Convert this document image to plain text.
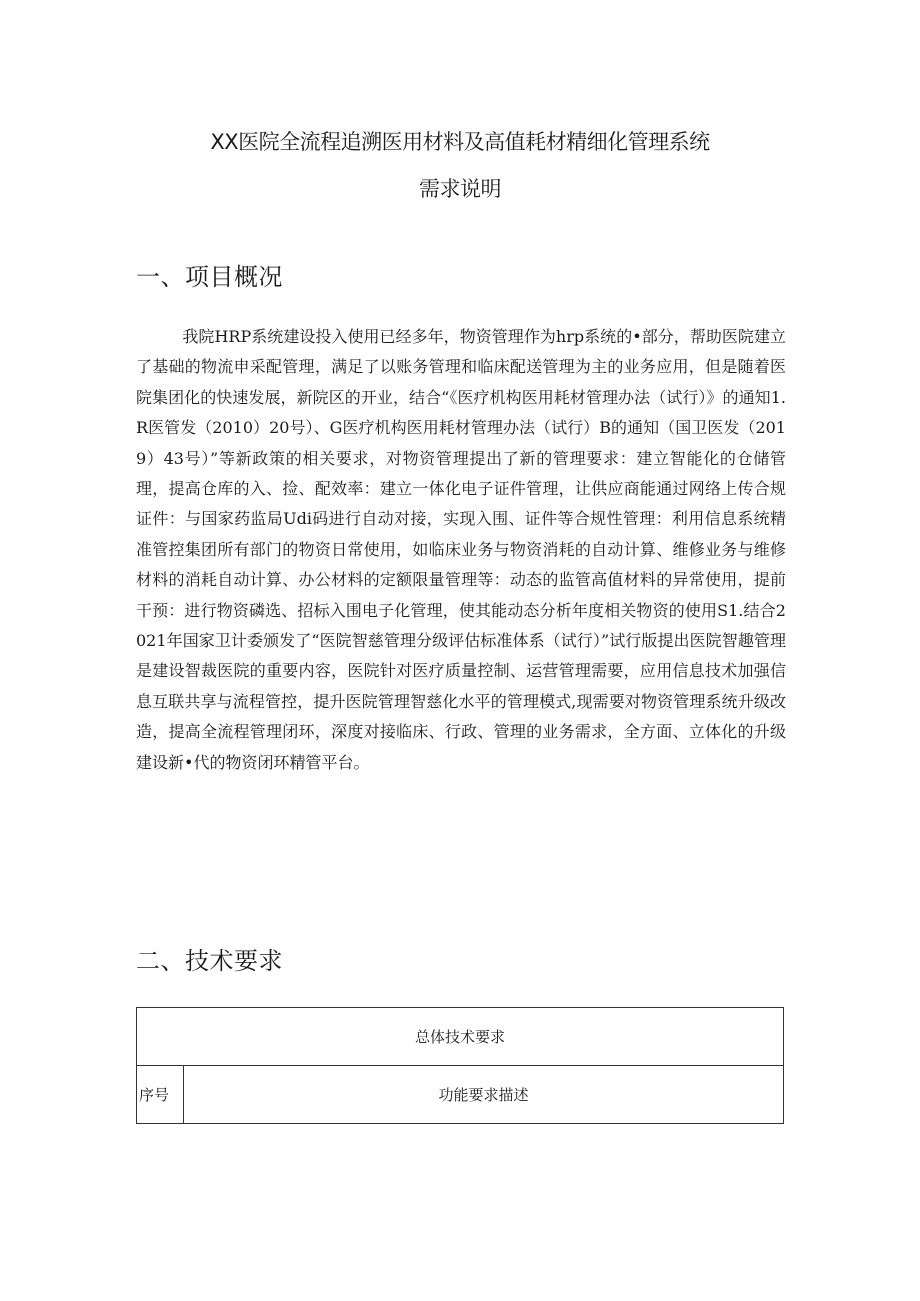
XX医院全流程追溯医用材料及高值耗材精细化管理系统
需求说明
一、项目概况

我院HRP系统建设投入使用已经多年，物资管理作为hrp系统的•部分，帮助医院建立了基础的物流申采配管理，满足了以账务管理和临床配送管理为主的业务应用，但是随着医院集团化的快速发展，新院区的开业，结合“《医疗机构医用耗材管理办法（试行）》的通知1.R医管发（2010）20号）、G医疗机构医用耗材管理办法（试行）B的通知（国卫医发（2019）43号）”等新政策的相关要求，对物资管理提出了新的管理要求：建立智能化的仓储管理，提高仓库的入、捡、配效率：建立一体化电子证件管理，让供应商能通过网络上传合规证件：与国家药监局Udi码进行自动对接，实现入围、证件等合规性管理：利用信息系统精准管控集团所有部门的物资日常使用，如临床业务与物资消耗的自动计算、维修业务与维修材料的消耗自动计算、办公材料的定额限量管理等：动态的监管高值材料的异常使用，提前干预：进行物资磷选、招标入围电子化管理，使其能动态分析年度相关物资的使用S1.结合2021年国家卫计委颁发了“医院智慈管理分级评估标准体系（试行）”试行版提出医院智趣管理是建设智裁医院的重要内容，医院针对医疗质量控制、运营管理需要，应用信息技术加强信息互联共享与流程管控，提升医院管理智慈化水平的管理模式,现需要对物资管理系统升级改造，提高全流程管理闭环，深度对接临床、行政、管理的业务需求，全方面、立体化的升级建设新•代的物资闭环精管平台。

二、技术要求
总体技术要求
序号	功能要求描述
